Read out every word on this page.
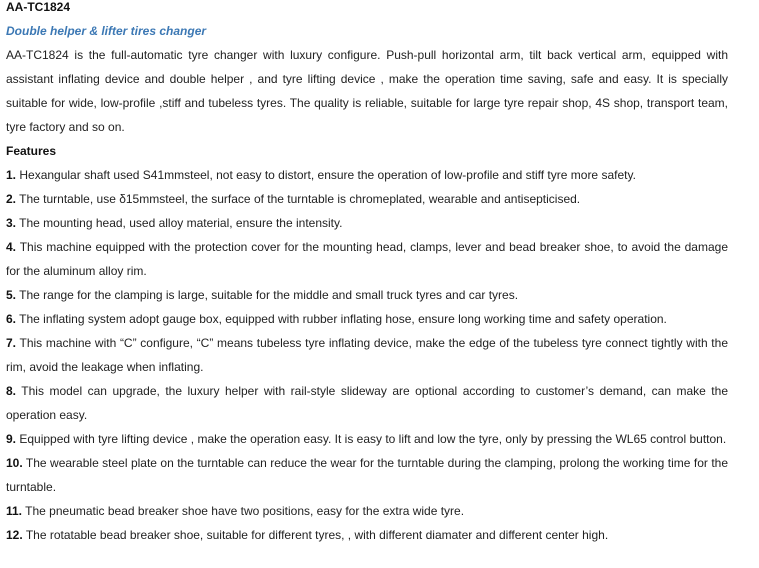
AA-TC1824
Double helper & lifter tires changer

AA-TC1824 is the full-automatic tyre changer with luxury configure. Push-pull horizontal arm, tilt back vertical arm, equipped with assistant inflating device and double helper , and tyre lifting device , make the operation time saving, safe and easy. It is specially suitable for wide, low-profile ,stiff and tubeless tyres. The quality is reliable, suitable for large tyre repair shop, 4S shop, transport team, tyre factory and so on.

Features

1. Hexangular shaft used S41mmsteel, not easy to distort, ensure the operation of low-profile and stiff tyre more safety.

2. The turntable, use δ15mmsteel, the surface of the turntable is chromeplated, wearable and antisepticised.

3. The mounting head, used alloy material, ensure the intensity.

4. This machine equipped with the protection cover for the mounting head, clamps, lever and bead breaker shoe, to avoid the damage for the aluminum alloy rim.

5. The range for the clamping is large, suitable for the middle and small truck tyres and car tyres.

6. The inflating system adopt gauge box, equipped with rubber inflating hose, ensure long working time and safety operation.

7. This machine with “C” configure, “C” means tubeless tyre inflating device, make the edge of the tubeless tyre connect tightly with the rim, avoid the leakage when inflating.

8. This model can upgrade, the luxury helper with rail-style slideway are optional according to customer’s demand, can make the operation easy.

9. Equipped with tyre lifting device , make the operation easy. It is easy to lift and low the tyre, only by pressing the WL65 control button.

10. The wearable steel plate on the turntable can reduce the wear for the turntable during the clamping, prolong the working time for the turntable.

11. The pneumatic bead breaker shoe have two positions, easy for the extra wide tyre.

12. The rotatable bead breaker shoe, suitable for different tyres, , with different diamater and different center high.
